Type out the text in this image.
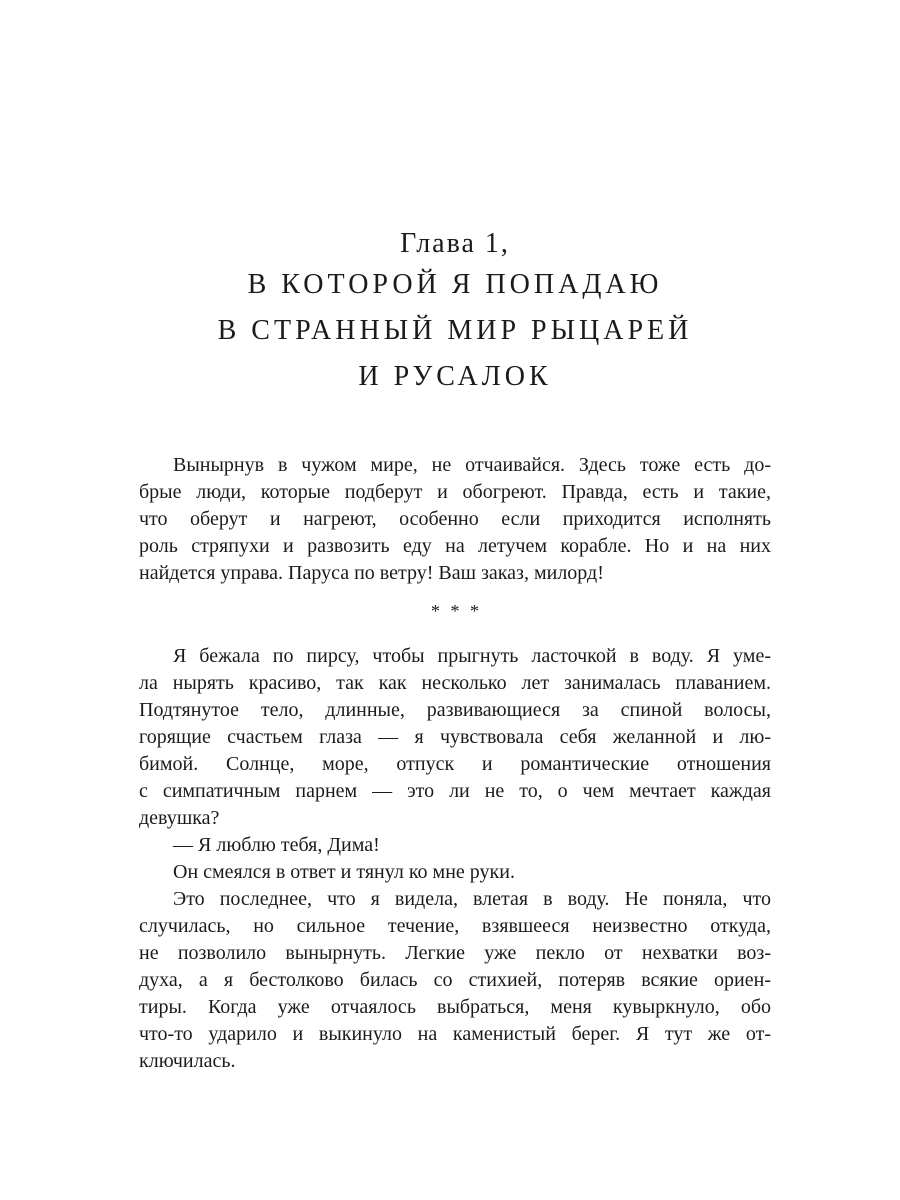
Глава 1,
В КОТОРОЙ Я ПОПАДАЮ
В СТРАННЫЙ МИР РЫЦАРЕЙ
И РУСАЛОК

Вынырнув в чужом мире, не отчаивайся. Здесь тоже есть до-
брые люди, которые подберут и обогреют. Правда, есть и такие,
что оберут и нагреют, особенно если приходится исполнять
роль стряпухи и развозить еду на летучем корабле. Но и на них
найдется управа. Паруса по ветру! Ваш заказ, милорд!

* * *

Я бежала по пирсу, чтобы прыгнуть ласточкой в воду. Я уме-
ла нырять красиво, так как несколько лет занималась плаванием.
Подтянутое тело, длинные, развивающиеся за спиной волосы,
горящие счастьем глаза — я чувствовала себя желанной и лю-
бимой. Солнце, море, отпуск и романтические отношения
с симпатичным парнем — это ли не то, о чем мечтает каждая
девушка?

— Я люблю тебя, Дима!

Он смеялся в ответ и тянул ко мне руки.

Это последнее, что я видела, влетая в воду. Не поняла, что
случилась, но сильное течение, взявшееся неизвестно откуда,
не позволило вынырнуть. Легкие уже пекло от нехватки воз-
духа, а я бестолково билась со стихией, потеряв всякие ориен-
тиры. Когда уже отчаялось выбраться, меня кувыркнуло, обо
что-то ударило и выкинуло на каменистый берег. Я тут же от-
ключилась.
